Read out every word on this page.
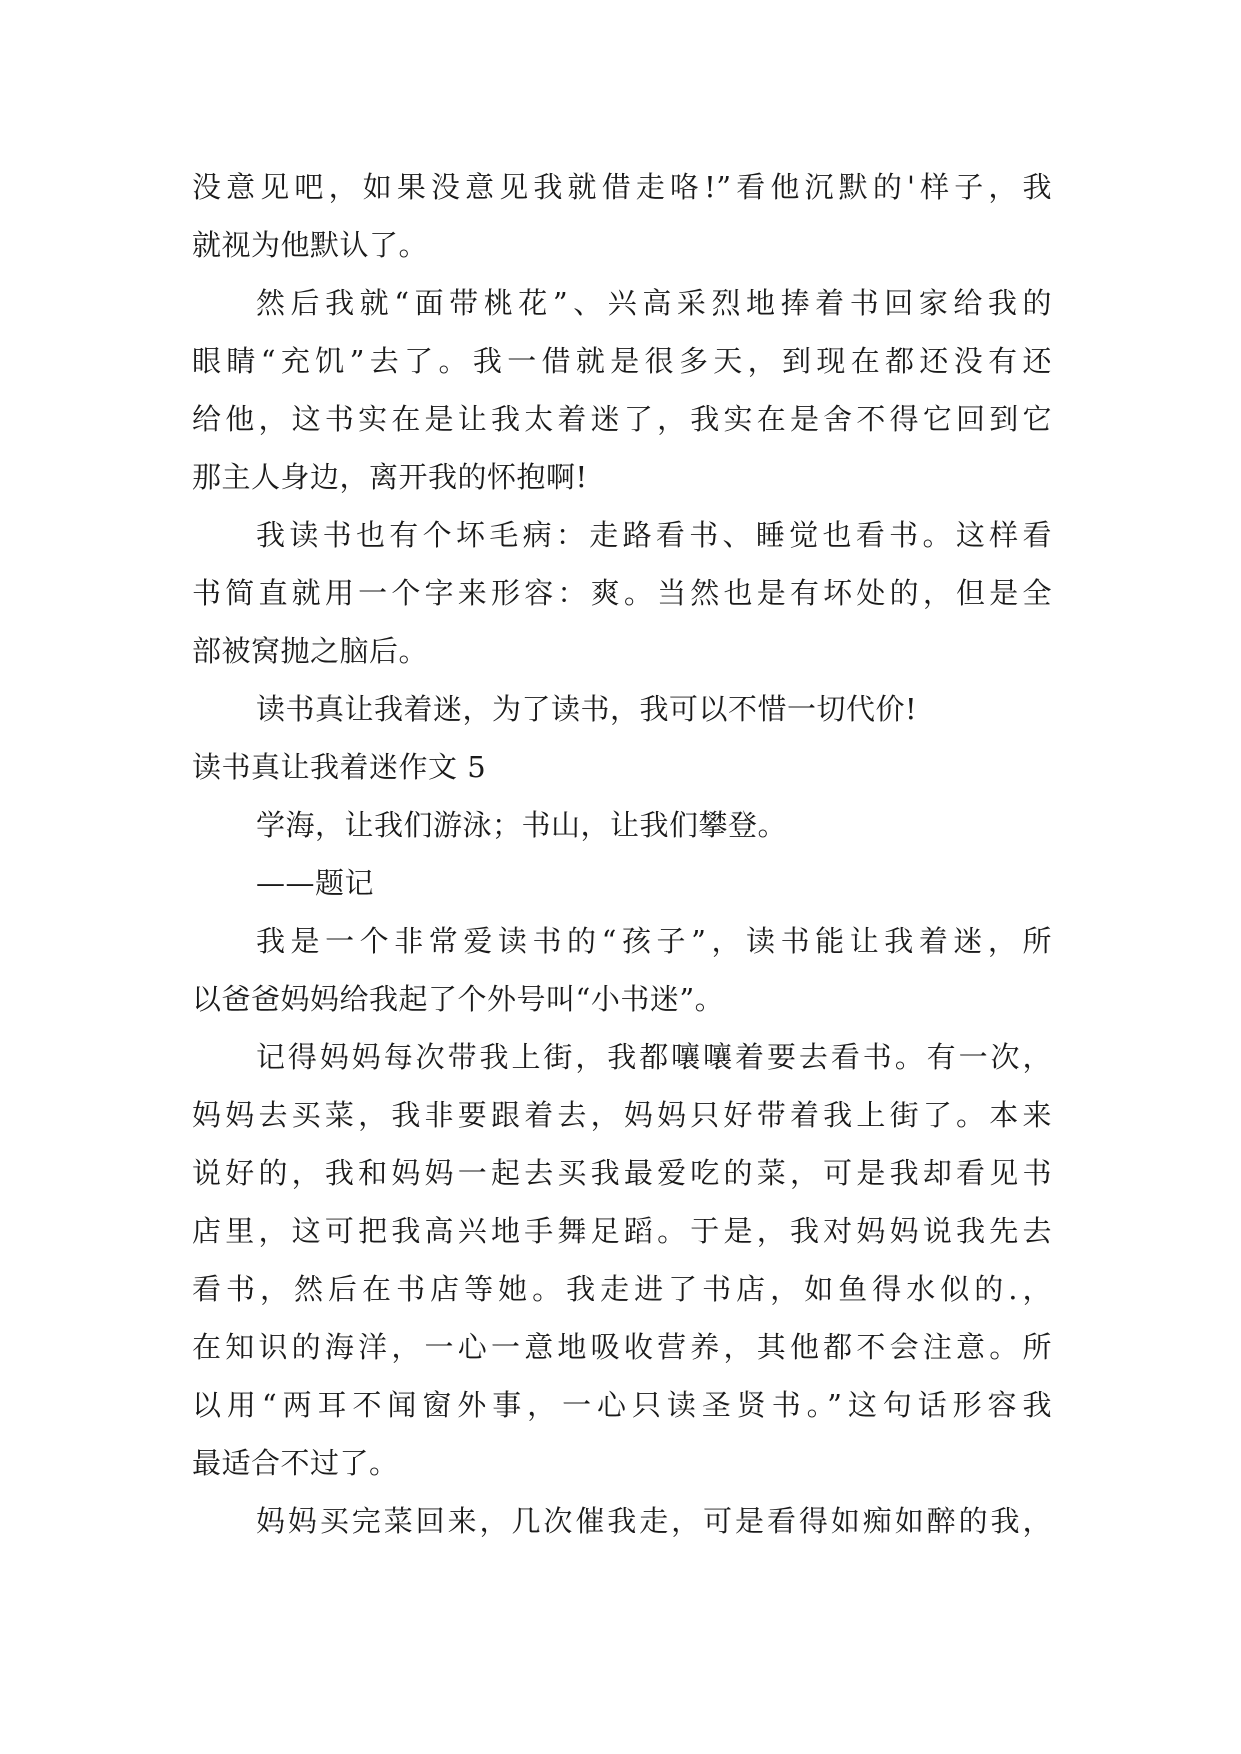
没意见吧，如果没意见我就借走咯!”看他沉默的'样子，我
就视为他默认了。
然后我就“面带桃花”、兴高采烈地捧着书回家给我的
眼睛“充饥”去了。我一借就是很多天，到现在都还没有还
给他，这书实在是让我太着迷了，我实在是舍不得它回到它
那主人身边，离开我的怀抱啊!
我读书也有个坏毛病：走路看书、睡觉也看书。这样看
书简直就用一个字来形容：爽。当然也是有坏处的，但是全
部被窝抛之脑后。
读书真让我着迷，为了读书，我可以不惜一切代价!
读书真让我着迷作文 5
学海，让我们游泳；书山，让我们攀登。
——题记
我是一个非常爱读书的“孩子”，读书能让我着迷，所
以爸爸妈妈给我起了个外号叫“小书迷”。
记得妈妈每次带我上街，我都嚷嚷着要去看书。有一次，
妈妈去买菜，我非要跟着去，妈妈只好带着我上街了。本来
说好的，我和妈妈一起去买我最爱吃的菜，可是我却看见书
店里，这可把我高兴地手舞足蹈。于是，我对妈妈说我先去
看书，然后在书店等她。我走进了书店，如鱼得水似的.，
在知识的海洋，一心一意地吸收营养，其他都不会注意。所
以用“两耳不闻窗外事，一心只读圣贤书。”这句话形容我
最适合不过了。
妈妈买完菜回来，几次催我走，可是看得如痴如醉的我，
